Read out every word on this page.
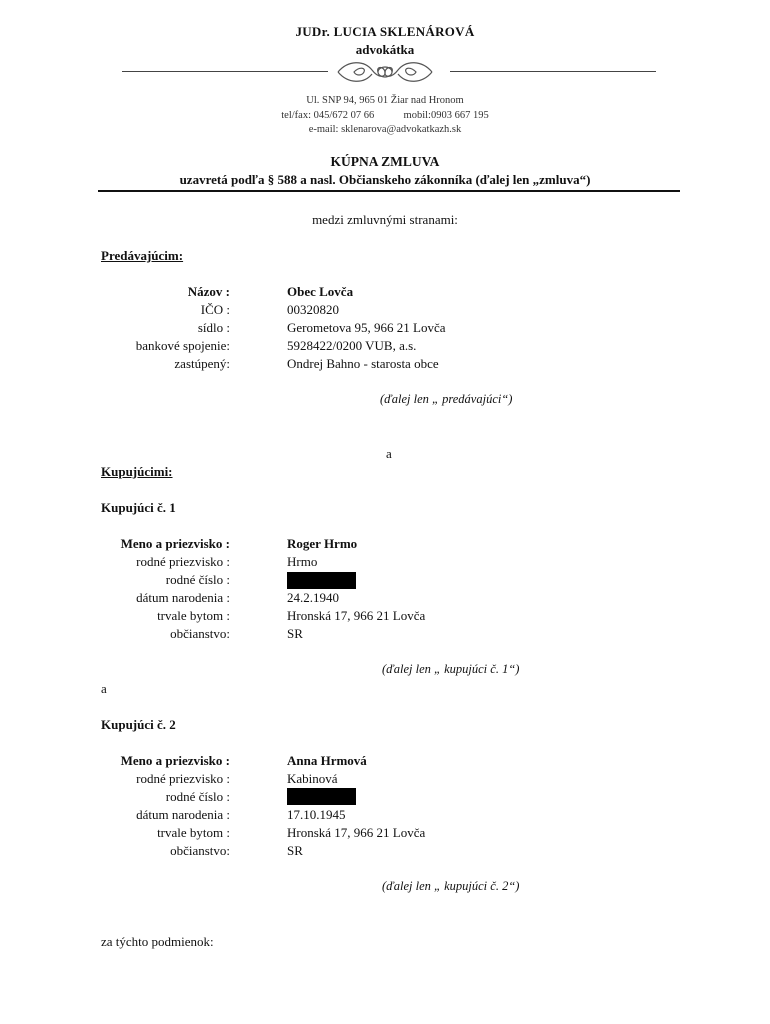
JUDr. LUCIA SKLENÁROVÁ
advokátka
Ul. SNP 94, 965 01 Žiar nad Hronom
tel/fax: 045/672 07 66	mobil:0903 667 195
e-mail: sklenarova@advokatkazh.sk
KÚPNA ZMLUVA
uzavretá podľa § 588 a nasl. Občianskeho zákonníka (ďalej len „zmluva“)
medzi zmluvnými stranami:
Predávajúcim:
Názov :	Obec Lovča
IČO :	00320820
sídlo :	Gerometova 95, 966 21 Lovča
bankové spojenie:	5928422/0200 VUB, a.s.
zastúpený:	Ondrej Bahno - starosta obce
(ďalej len „ predávajúci“)
a
Kupujúcimi:
Kupujúci č. 1
Meno a priezvisko :	Roger Hrmo
rodné priezvisko :	Hrmo
rodné číslo :
dátum narodenia :	24.2.1940
trvale bytom :	Hronská 17, 966 21 Lovča
občianstvo:	SR
(ďalej len „ kupujúci č. 1“)
a
Kupujúci č. 2
Meno a priezvisko :	Anna Hrmová
rodné priezvisko :	Kabinová
rodné číslo :
dátum narodenia :	17.10.1945
trvale bytom :	Hronská 17, 966 21 Lovča
občianstvo:	SR
(ďalej len „ kupujúci č. 2“)
za týchto podmienok:
